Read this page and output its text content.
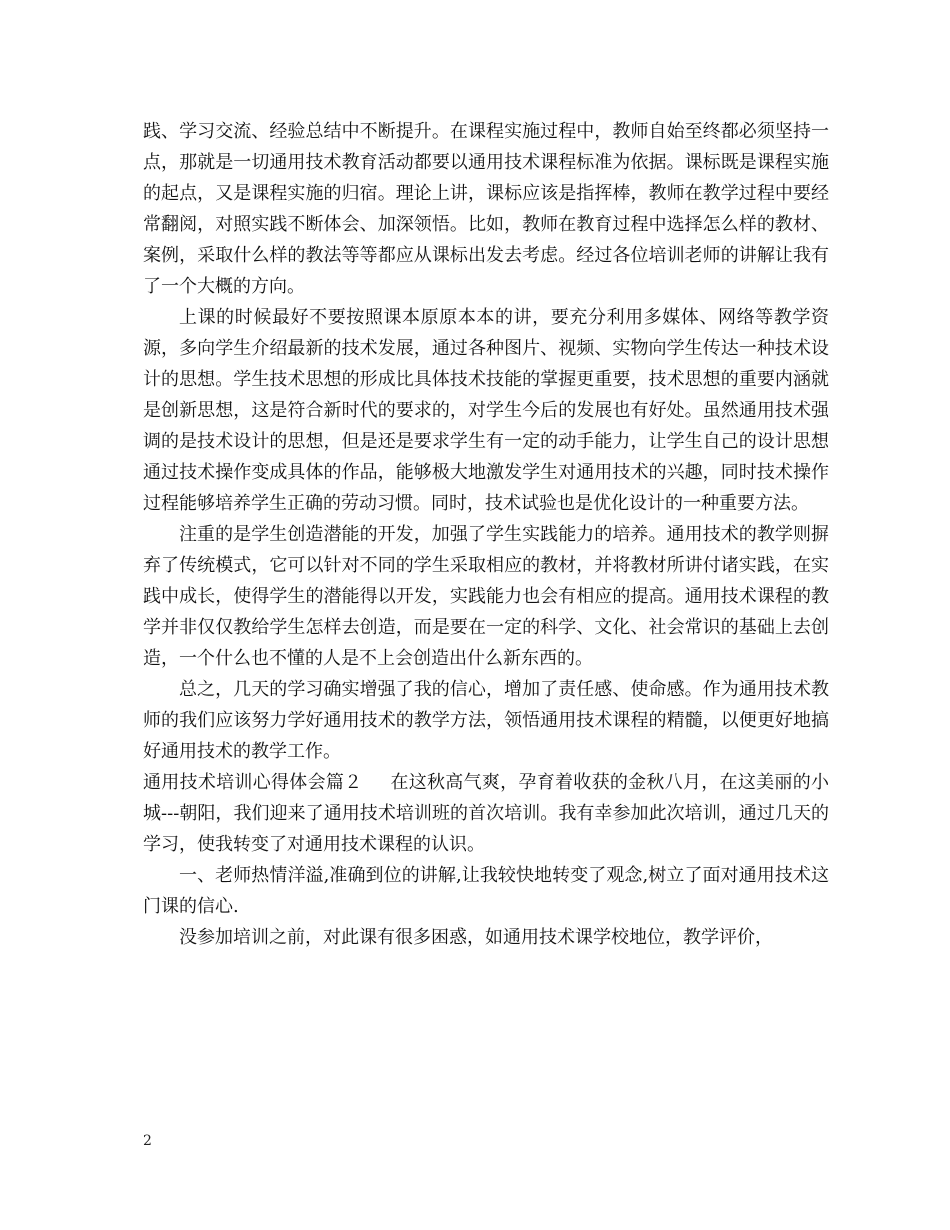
践、学习交流、经验总结中不断提升。在课程实施过程中，教师自始至终都必须坚持一点，那就是一切通用技术教育活动都要以通用技术课程标准为依据。课标既是课程实施的起点，又是课程实施的归宿。理论上讲，课标应该是指挥棒，教师在教学过程中要经常翻阅，对照实践不断体会、加深领悟。比如，教师在教育过程中选择怎么样的教材、案例，采取什么样的教法等等都应从课标出发去考虑。经过各位培训老师的讲解让我有了一个大概的方向。

上课的时候最好不要按照课本原原本本的讲，要充分利用多媒体、网络等教学资源，多向学生介绍最新的技术发展，通过各种图片、视频、实物向学生传达一种技术设计的思想。学生技术思想的形成比具体技术技能的掌握更重要，技术思想的重要内涵就是创新思想，这是符合新时代的要求的，对学生今后的发展也有好处。虽然通用技术强调的是技术设计的思想，但是还是要求学生有一定的动手能力，让学生自己的设计思想通过技术操作变成具体的作品，能够极大地激发学生对通用技术的兴趣，同时技术操作过程能够培养学生正确的劳动习惯。同时，技术试验也是优化设计的一种重要方法。

注重的是学生创造潜能的开发，加强了学生实践能力的培养。通用技术的教学则摒弃了传统模式，它可以针对不同的学生采取相应的教材，并将教材所讲付诸实践，在实践中成长，使得学生的潜能得以开发，实践能力也会有相应的提高。通用技术课程的教学并非仅仅教给学生怎样去创造，而是要在一定的科学、文化、社会常识的基础上去创造，一个什么也不懂的人是不上会创造出什么新东西的。

总之，几天的学习确实增强了我的信心，增加了责任感、使命感。作为通用技术教师的我们应该努力学好通用技术的教学方法，领悟通用技术课程的精髓，以便更好地搞好通用技术的教学工作。

通用技术培训心得体会篇２ 在这秋高气爽，孕育着收获的金秋八月，在这美丽的小城---朝阳，我们迎来了通用技术培训班的首次培训。我有幸参加此次培训，通过几天的学习，使我转变了对通用技术课程的认识。

一、老师热情洋溢,准确到位的讲解,让我较快地转变了观念,树立了面对通用技术这门课的信心.

没参加培训之前，对此课有很多困惑，如通用技术课学校地位，教学评价，

2
